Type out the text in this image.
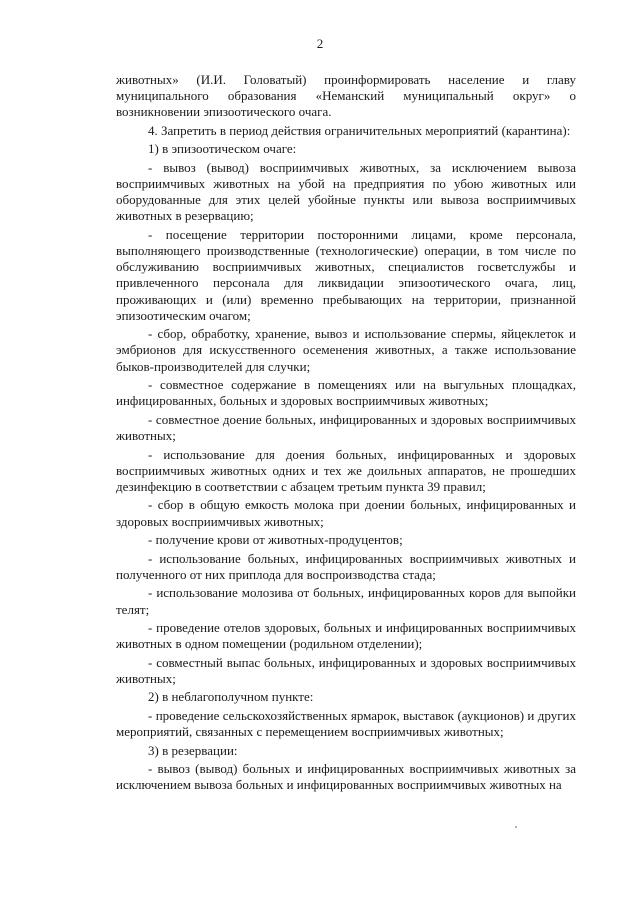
2

животных» (И.И. Головатый) проинформировать население и главу муниципального образования «Неманский муниципальный округ» о возникновении эпизоотического очага.

4. Запретить в период действия ограничительных мероприятий (карантина):

1) в эпизоотическом очаге:

- вывоз (вывод) восприимчивых животных, за исключением вывоза восприимчивых животных на убой на предприятия по убою животных или оборудованные для этих целей убойные пункты или вывоза восприимчивых животных в резервацию;

- посещение территории посторонними лицами, кроме персонала, выполняющего производственные (технологические) операции, в том числе по обслуживанию восприимчивых животных, специалистов госветслужбы и привлеченного персонала для ликвидации эпизоотического очага, лиц, проживающих и (или) временно пребывающих на территории, признанной эпизоотическим очагом;

- сбор, обработку, хранение, вывоз и использование спермы, яйцеклеток и эмбрионов для искусственного осеменения животных, а также использование быков-производителей для случки;

- совместное содержание в помещениях или на выгульных площадках, инфицированных, больных и здоровых восприимчивых животных;

- совместное доение больных, инфицированных и здоровых восприимчивых животных;

- использование для доения больных, инфицированных и здоровых восприимчивых животных одних и тех же доильных аппаратов, не прошедших дезинфекцию в соответствии с абзацем третьим пункта 39 правил;

- сбор в общую емкость молока при доении больных, инфицированных и здоровых восприимчивых животных;

- получение крови от животных-продуцентов;

- использование больных, инфицированных восприимчивых животных и полученного от них приплода для воспроизводства стада;

- использование молозива от больных, инфицированных коров для выпойки телят;

- проведение отелов здоровых, больных и инфицированных восприимчивых животных в одном помещении (родильном отделении);

- совместный выпас больных, инфицированных и здоровых восприимчивых животных;

2) в неблагополучном пункте:

- проведение сельскохозяйственных ярмарок, выставок (аукционов) и других мероприятий, связанных с перемещением восприимчивых животных;

3) в резервации:

- вывоз (вывод) больных и инфицированных восприимчивых животных за исключением вывоза больных и инфицированных восприимчивых животных на
